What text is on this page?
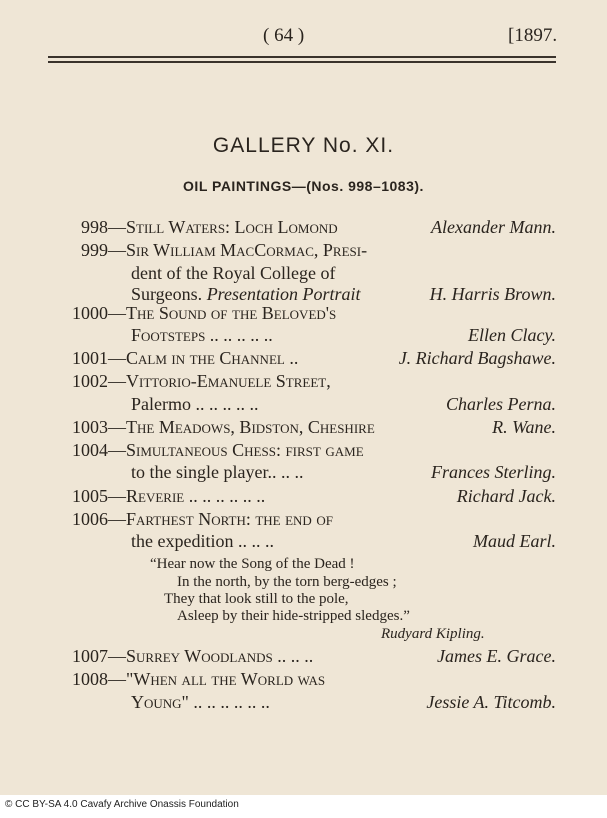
( 64 )	[1897.
GALLERY No. XI.
OIL PAINTINGS—(Nos. 998–1083).
998 —Still Waters: Loch Lomond	Alexander Mann.
999 —Sir William MacCormac, Presi-
dent of the Royal College of
Surgeons. Presentation Portrait	H. Harris Brown.
1000 —The Sound of the Beloved's
Footsteps .. .. .. .. ..	Ellen Clacy.
1001 —Calm in the Channel ..	J. Richard Bagshawe.
1002 —Vittorio-Emanuele Street,
Palermo .. .. .. .. ..	Charles Perna.
1003 —The Meadows, Bidston, Cheshire	R. Wane.
1004 —Simultaneous Chess: first game
to the single player.. .. ..	Frances Sterling.
1005 —Reverie .. .. .. .. .. ..	Richard Jack.
1006 —Farthest North: the end of
the expedition .. .. ..	Maud Earl.
“Hear now the Song of the Dead !
In the north, by the torn berg-edges ;
They that look still to the pole,
Asleep by their hide-stripped sledges.”
Rudyard Kipling.
1007 —Surrey Woodlands .. .. ..	James E. Grace.
1008 —"When all the World was
Young" .. .. .. .. .. ..	Jessie A. Titcomb.
© CC BY-SA 4.0 Cavafy Archive Onassis Foundation
